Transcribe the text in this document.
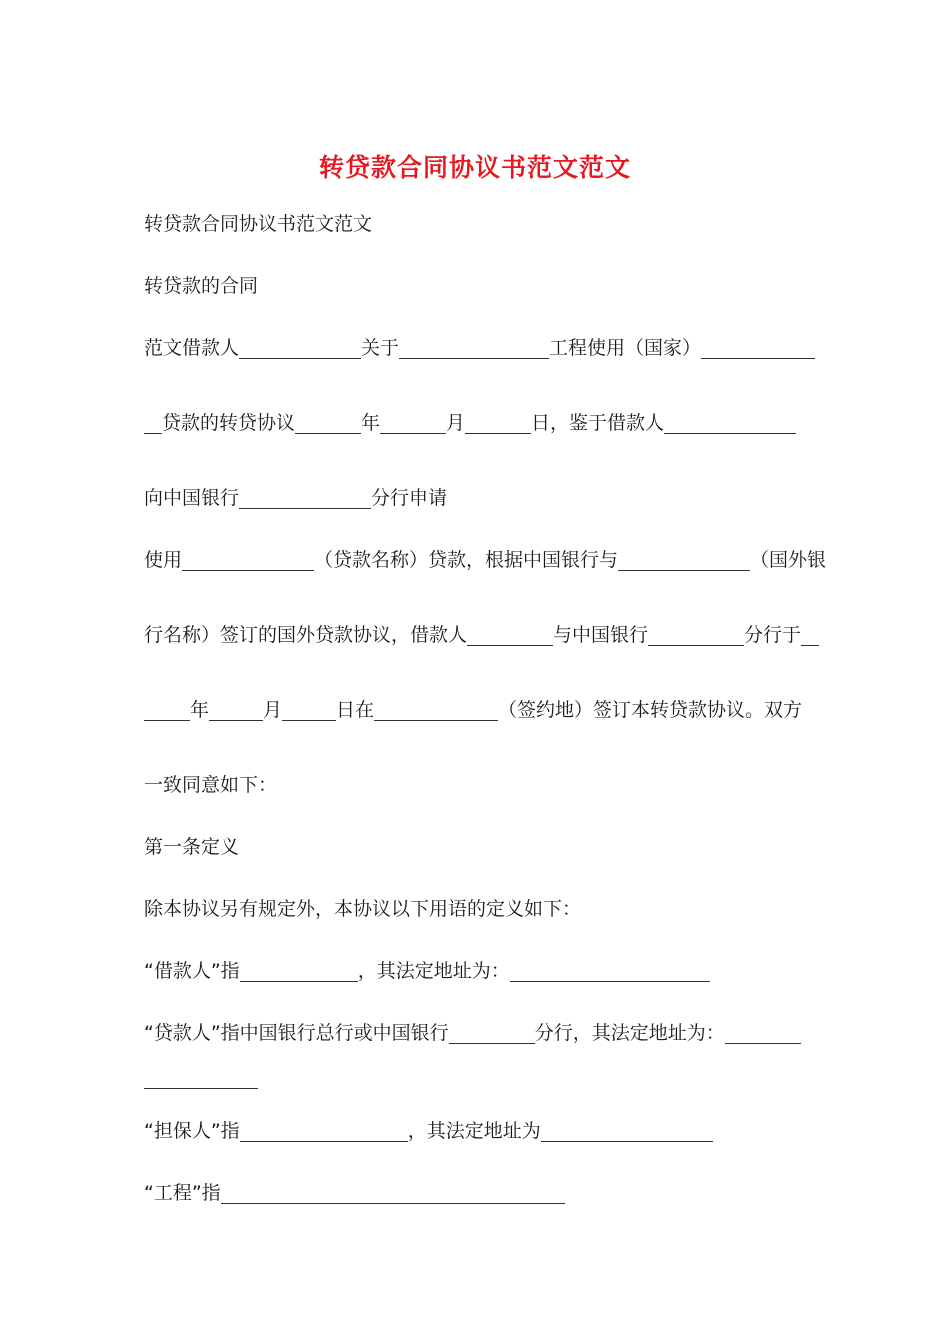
转贷款合同协议书范文范文
转贷款合同协议书范文范文
转贷款的合同
范文借款人	关于	工程使用（国家）
贷款的转贷协议	年	月	日，鉴于借款人
向中国银行	分行申请
使用	（贷款名称）贷款，根据中国银行与	（国外银
行名称）签订的国外贷款协议，借款人	与中国银行	分行于
年	月	日在	（签约地）签订本转贷款协议。双方
一致同意如下：
第一条定义
除本协议另有规定外，本协议以下用语的定义如下：
“借款人”指	，其法定地址为：
“贷款人”指中国银行总行或中国银行	分行，其法定地址为：
“担保人”指	，其法定地址为
“工程”指
